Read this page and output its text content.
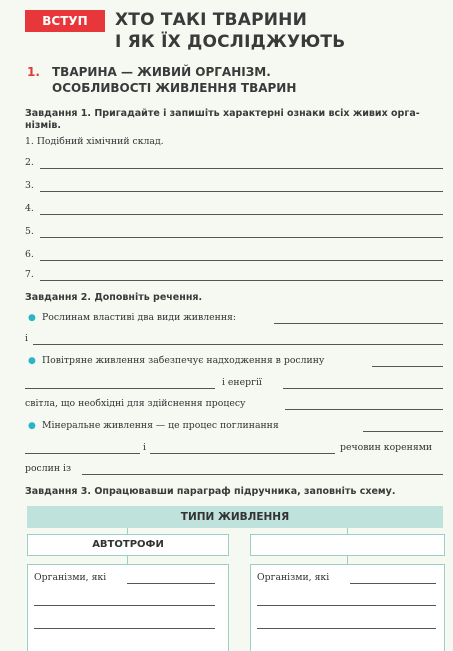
ВСТУП	ХТО ТАКІ ТВАРИНИ
І ЯК ЇХ ДОСЛІДЖУЮТЬ
1. ТВАРИНА — ЖИВИЙ ОРГАНІЗМ.
ОСОБЛИВОСТІ ЖИВЛЕННЯ ТВАРИН
Завдання 1. Пригадайте і запишіть характерні ознаки всіх живих орга-
нізмів.
1. Подібний хімічний склад.
2.
3.
4.
5.
6.
7.
Завдання 2. Доповніть речення.
● Рослинам властиві два види живлення:
і
● Повітряне живлення забезпечує надходження в рослину
і енергії
світла, що необхідні для здійснення процесу
● Мінеральне живлення — це процес поглинання
і	речовин коренями
рослин із
Завдання 3. Опрацювавши параграф підручника, заповніть схему.
ТИПИ ЖИВЛЕННЯ
АВТОТРОФИ
Організми, які	Організми, які
